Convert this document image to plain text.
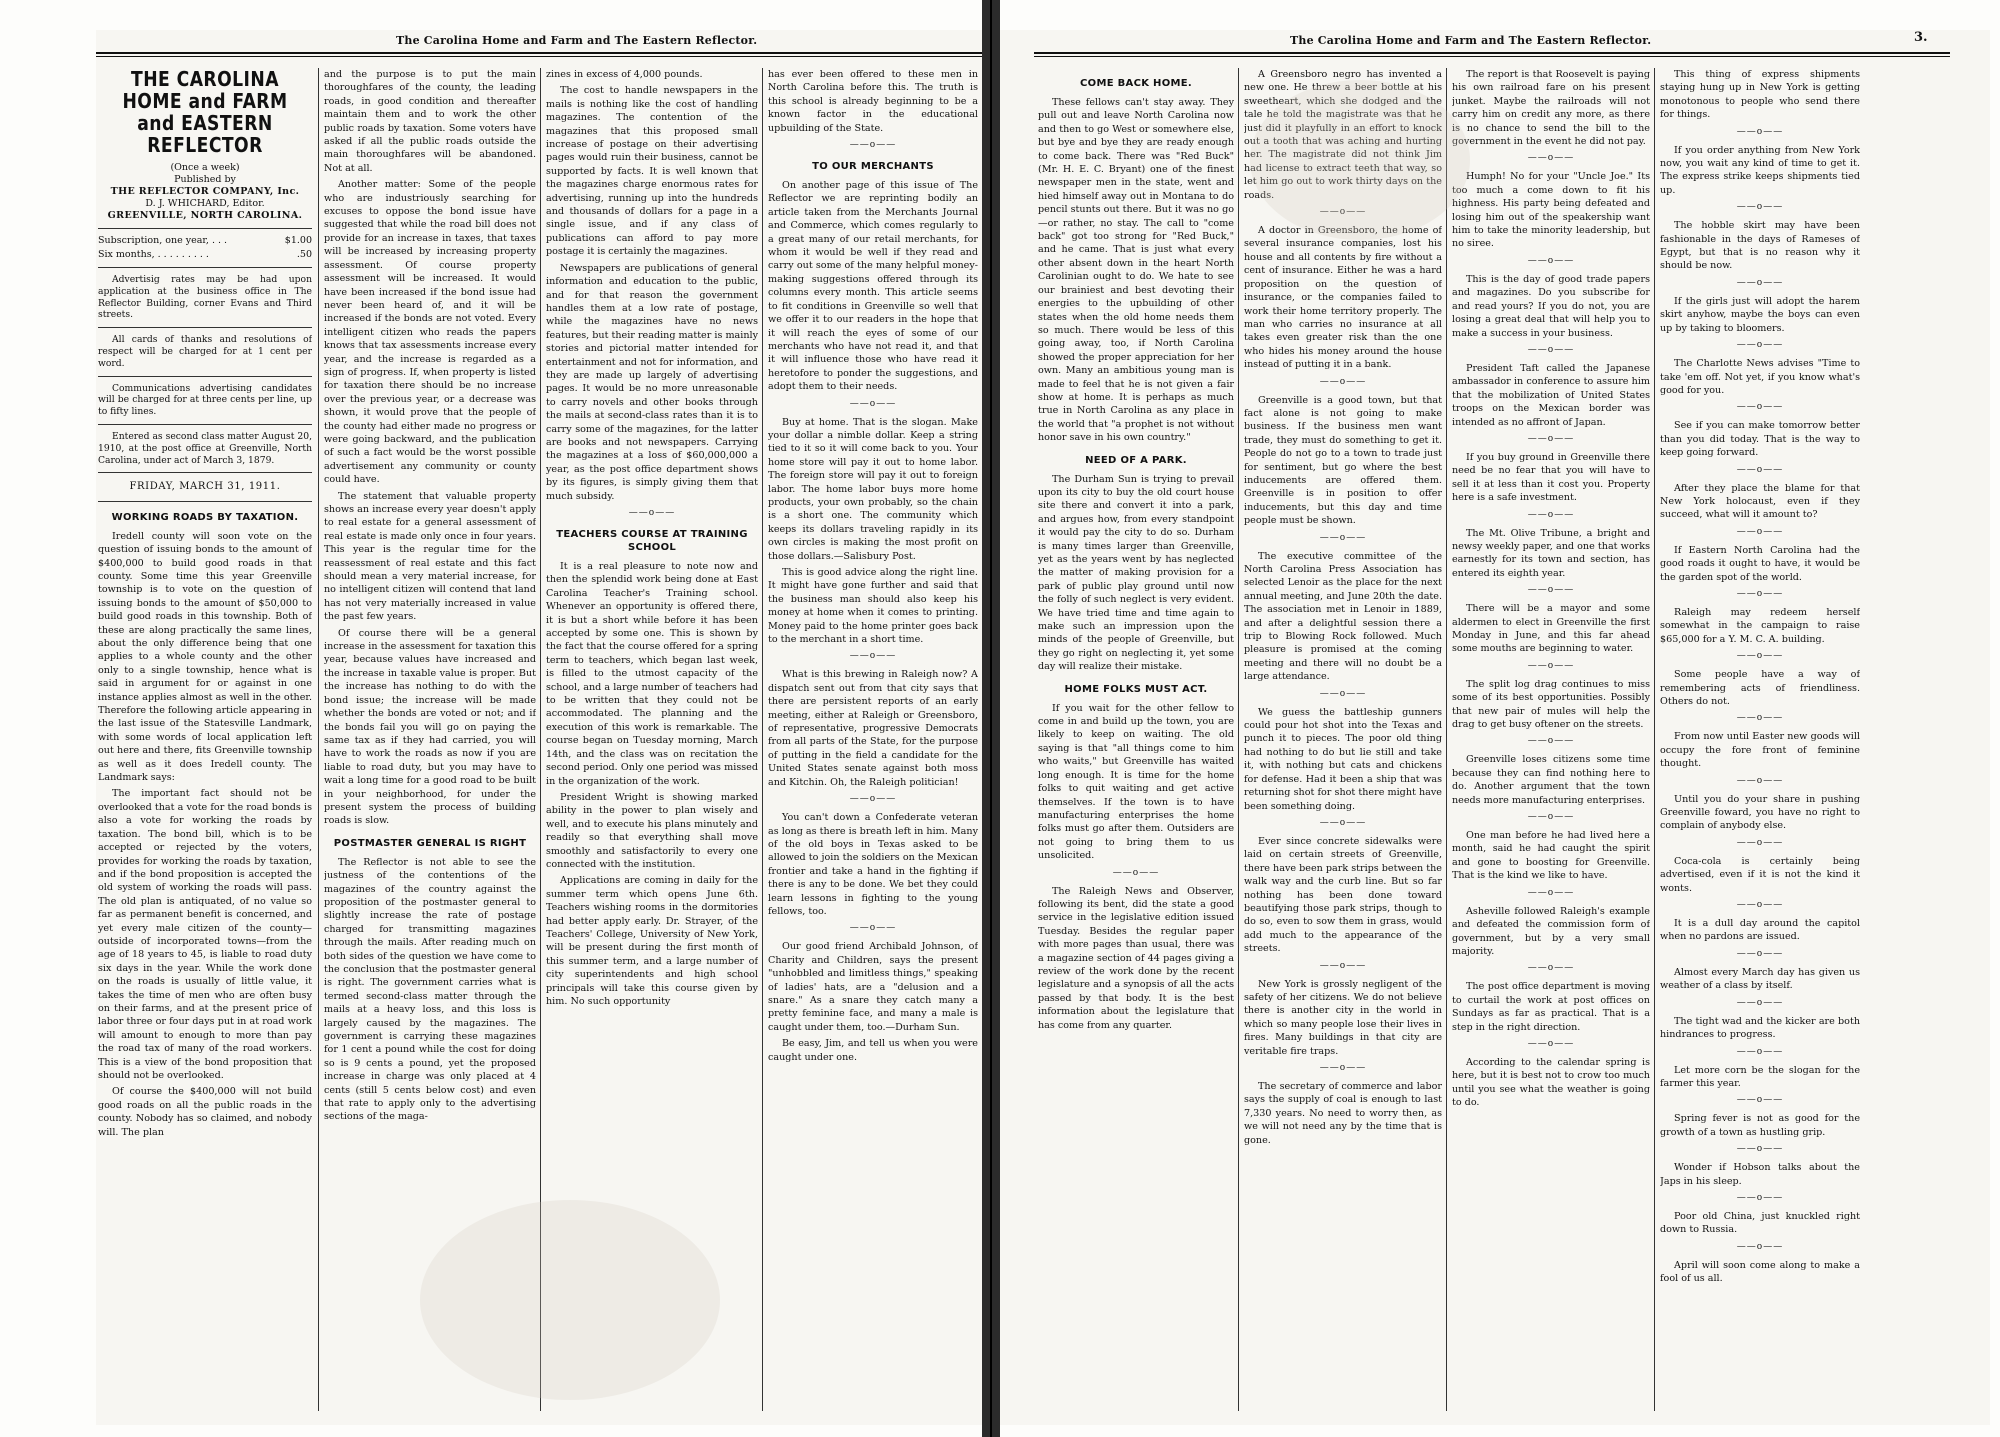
The Carolina Home and Farm and The Eastern Reflector.
THE CAROLINA HOME and FARM and EASTERN REFLECTOR
(Once a week)
Published by
THE REFLECTOR COMPANY, Inc.
D. J. WHICHARD, Editor.
GREENVILLE, NORTH CAROLINA.
Subscription, one year, . . .	$1.00
Six months, . . . . . . . . .	.50

Advertisig rates may be had upon application at the business office in The Reflector Building, corner Evans and Third streets.

All cards of thanks and resolutions of respect will be charged for at 1 cent per word.

Communications advertising candidates will be charged for at three cents per line, up to fifty lines.

Entered as second class matter August 20, 1910, at the post office at Greenville, North Carolina, under act of March 3, 1879.

FRIDAY, MARCH 31, 1911.
WORKING ROADS BY TAXATION.

Iredell county will soon vote on the question of issuing bonds to the amount of $400,000 to build good roads in that county. Some time this year Greenville township is to vote on the question of issuing bonds to the amount of $50,000 to build good roads in this township. Both of these are along practically the same lines, about the only difference being that one applies to a whole county and the other only to a single township, hence what is said in argument for or against in one instance applies almost as well in the other. Therefore the following article appearing in the last issue of the Statesville Landmark, with some words of local application left out here and there, fits Greenville township as well as it does Iredell county. The Landmark says:

The important fact should not be overlooked that a vote for the road bonds is also a vote for working the roads by taxation. The bond bill, which is to be accepted or rejected by the voters, provides for working the roads by taxation, and if the bond proposition is accepted the old system of working the roads will pass. The old plan is antiquated, of no value so far as permanent benefit is concerned, and yet every male citizen of the county—outside of incorporated towns—from the age of 18 years to 45, is liable to road duty six days in the year. While the work done on the roads is usually of little value, it takes the time of men who are often busy on their farms, and at the present price of labor three or four days put in at road work will amount to enough to more than pay the road tax of many of the road workers. This is a view of the bond proposition that should not be overlooked.

Of course the $400,000 will not build good roads on all the public roads in the county. Nobody has so claimed, and nobody will. The plan

and the purpose is to put the main thoroughfares of the county, the leading roads, in good condition and thereafter maintain them and to work the other public roads by taxation. Some voters have asked if all the public roads outside the main thoroughfares will be abandoned. Not at all.

Another matter: Some of the people who are industriously searching for excuses to oppose the bond issue have suggested that while the road bill does not provide for an increase in taxes, that taxes will be increased by increasing property assessment. Of course property assessment will be increased. It would have been increased if the bond issue had never been heard of, and it will be increased if the bonds are not voted. Every intelligent citizen who reads the papers knows that tax assessments increase every year, and the increase is regarded as a sign of progress. If, when property is listed for taxation there should be no increase over the previous year, or a decrease was shown, it would prove that the people of the county had either made no progress or were going backward, and the publication of such a fact would be the worst possible advertisement any community or county could have.

The statement that valuable property shows an increase every year doesn't apply to real estate for a general assessment of real estate is made only once in four years. This year is the regular time for the reassessment of real estate and this fact should mean a very material increase, for no intelligent citizen will contend that land has not very materially increased in value the past few years.

Of course there will be a general increase in the assessment for taxation this year, because values have increased and the increase in taxable value is proper. But the increase has nothing to do with the bond issue; the increase will be made whether the bonds are voted or not; and if the bonds fail you will go on paying the same tax as if they had carried, you will have to work the roads as now if you are liable to road duty, but you may have to wait a long time for a good road to be built in your neighborhood, for under the present system the process of building roads is slow.

POSTMASTER GENERAL IS RIGHT

The Reflector is not able to see the justness of the contentions of the magazines of the country against the proposition of the postmaster general to slightly increase the rate of postage charged for transmitting magazines through the mails. After reading much on both sides of the question we have come to the conclusion that the postmaster general is right. The government carries what is termed second-class matter through the mails at a heavy loss, and this loss is largely caused by the magazines. The government is carrying these magazines for 1 cent a pound while the cost for doing so is 9 cents a pound, yet the proposed increase in charge was only placed at 4 cents (still 5 cents below cost) and even that rate to apply only to the advertising sections of the maga-

zines in excess of 4,000 pounds.

The cost to handle newspapers in the mails is nothing like the cost of handling magazines. The contention of the magazines that this proposed small increase of postage on their advertising pages would ruin their business, cannot be supported by facts. It is well known that the magazines charge enormous rates for advertising, running up into the hundreds and thousands of dollars for a page in a single issue, and if any class of publications can afford to pay more postage it is certainly the magazines.

Newspapers are publications of general information and education to the public, and for that reason the government handles them at a low rate of postage, while the magazines have no news features, but their reading matter is mainly stories and pictorial matter intended for entertainment and not for information, and they are made up largely of advertising pages. It would be no more unreasonable to carry novels and other books through the mails at second-class rates than it is to carry some of the magazines, for the latter are books and not newspapers. Carrying the magazines at a loss of $60,000,000 a year, as the post office department shows by its figures, is simply giving them that much subsidy.

——o——
TEACHERS COURSE AT TRAINING SCHOOL

It is a real pleasure to note now and then the splendid work being done at East Carolina Teacher's Training school. Whenever an opportunity is offered there, it is but a short while before it has been accepted by some one. This is shown by the fact that the course offered for a spring term to teachers, which began last week, is filled to the utmost capacity of the school, and a large number of teachers had to be written that they could not be accommodated. The planning and the execution of this work is remarkable. The course began on Tuesday morning, March 14th, and the class was on recitation the second period. Only one period was missed in the organization of the work.

President Wright is showing marked ability in the power to plan wisely and well, and to execute his plans minutely and readily so that everything shall move smoothly and satisfactorily to every one connected with the institution.

Applications are coming in daily for the summer term which opens June 6th. Teachers wishing rooms in the dormitories had better apply early. Dr. Strayer, of the Teachers' College, University of New York, will be present during the first month of this summer term, and a large number of city superintendents and high school principals will take this course given by him. No such opportunity

has ever been offered to these men in North Carolina before this. The truth is this school is already beginning to be a known factor in the educational upbuilding of the State.

——o——
TO OUR MERCHANTS

On another page of this issue of The Reflector we are reprinting bodily an article taken from the Merchants Journal and Commerce, which comes regularly to a great many of our retail merchants, for whom it would be well if they read and carry out some of the many helpful money-making suggestions offered through its columns every month. This article seems to fit conditions in Greenville so well that we offer it to our readers in the hope that it will reach the eyes of some of our merchants who have not read it, and that it will influence those who have read it heretofore to ponder the suggestions, and adopt them to their needs.

——o——

Buy at home. That is the slogan. Make your dollar a nimble dollar. Keep a string tied to it so it will come back to you. Your home store will pay it out to home labor. The foreign store will pay it out to foreign labor. The home labor buys more home products, your own probably, so the chain is a short one. The community which keeps its dollars traveling rapidly in its own circles is making the most profit on those dollars.—Salisbury Post.

This is good advice along the right line. It might have gone further and said that the business man should also keep his money at home when it comes to printing. Money paid to the home printer goes back to the merchant in a short time.

——o——

What is this brewing in Raleigh now? A dispatch sent out from that city says that there are persistent reports of an early meeting, either at Raleigh or Greensboro, of representative, progressive Democrats from all parts of the State, for the purpose of putting in the field a candidate for the United States senate against both moss and Kitchin. Oh, the Raleigh politician!

——o——

You can't down a Confederate veteran as long as there is breath left in him. Many of the old boys in Texas asked to be allowed to join the soldiers on the Mexican frontier and take a hand in the fighting if there is any to be done. We bet they could learn lessons in fighting to the young fellows, too.

——o——

Our good friend Archibald Johnson, of Charity and Children, says the present "unhobbled and limitless things," speaking of ladies' hats, are a "delusion and a snare." As a snare they catch many a pretty feminine face, and many a male is caught under them, too.—Durham Sun.

Be easy, Jim, and tell us when you were caught under one.

The Carolina Home and Farm and The Eastern Reflector.	3.
COME BACK HOME.

These fellows can't stay away. They pull out and leave North Carolina now and then to go West or somewhere else, but bye and bye they are ready enough to come back. There was "Red Buck" (Mr. H. E. C. Bryant) one of the finest newspaper men in the state, went and hied himself away out in Montana to do pencil stunts out there. But it was no go—or rather, no stay. The call to "come back" got too strong for "Red Buck," and he came. That is just what every other absent down in the heart North Carolinian ought to do. We hate to see our brainiest and best devoting their energies to the upbuilding of other states when the old home needs them so much. There would be less of this going away, too, if North Carolina showed the proper appreciation for her own. Many an ambitious young man is made to feel that he is not given a fair show at home. It is perhaps as much true in North Carolina as any place in the world that "a prophet is not without honor save in his own country."

NEED OF A PARK.

The Durham Sun is trying to prevail upon its city to buy the old court house site there and convert it into a park, and argues how, from every standpoint it would pay the city to do so. Durham is many times larger than Greenville, yet as the years went by has neglected the matter of making provision for a park of public play ground until now the folly of such neglect is very evident. We have tried time and time again to make such an impression upon the minds of the people of Greenville, but they go right on neglecting it, yet some day will realize their mistake.

HOME FOLKS MUST ACT.

If you wait for the other fellow to come in and build up the town, you are likely to keep on waiting. The old saying is that "all things come to him who waits," but Greenville has waited long enough. It is time for the home folks to quit waiting and get active themselves. If the town is to have manufacturing enterprises the home folks must go after them. Outsiders are not going to bring them to us unsolicited.

——o——

The Raleigh News and Observer, following its bent, did the state a good service in the legislative edition issued Tuesday. Besides the regular paper with more pages than usual, there was a magazine section of 44 pages giving a review of the work done by the recent legislature and a synopsis of all the acts passed by that body. It is the best information about the legislature that has come from any quarter.

A Greensboro negro has invented a new one. He threw a beer bottle at his sweetheart, which she dodged and the tale he told the magistrate was that he just did it playfully in an effort to knock out a tooth that was aching and hurting her. The magistrate did not think Jim had license to extract teeth that way, so let him go out to work thirty days on the roads.

——o——

A doctor in Greensboro, the home of several insurance companies, lost his house and all contents by fire without a cent of insurance. Either he was a hard proposition on the question of insurance, or the companies failed to work their home territory properly. The man who carries no insurance at all takes even greater risk than the one who hides his money around the house instead of putting it in a bank.

——o——

Greenville is a good town, but that fact alone is not going to make business. If the business men want trade, they must do something to get it. People do not go to a town to trade just for sentiment, but go where the best inducements are offered them. Greenville is in position to offer inducements, but this day and time people must be shown.

——o——

The executive committee of the North Carolina Press Association has selected Lenoir as the place for the next annual meeting, and June 20th the date. The association met in Lenoir in 1889, and after a delightful session there a trip to Blowing Rock followed. Much pleasure is promised at the coming meeting and there will no doubt be a large attendance.

——o——

We guess the battleship gunners could pour hot shot into the Texas and punch it to pieces. The poor old thing had nothing to do but lie still and take it, with nothing but cats and chickens for defense. Had it been a ship that was returning shot for shot there might have been something doing.

——o——

Ever since concrete sidewalks were laid on certain streets of Greenville, there have been park strips between the walk way and the curb line. But so far nothing has been done toward beautifying those park strips, though to do so, even to sow them in grass, would add much to the appearance of the streets.

——o——

New York is grossly negligent of the safety of her citizens. We do not believe there is another city in the world in which so many people lose their lives in fires. Many buildings in that city are veritable fire traps.

——o——

The secretary of commerce and labor says the supply of coal is enough to last 7,330 years. No need to worry then, as we will not need any by the time that is gone.

The report is that Roosevelt is paying his own railroad fare on his present junket. Maybe the railroads will not carry him on credit any more, as there is no chance to send the bill to the government in the event he did not pay.

——o——

Humph! No for your "Uncle Joe." Its too much a come down to fit his highness. His party being defeated and losing him out of the speakership want him to take the minority leadership, but no siree.

——o——

This is the day of good trade papers and magazines. Do you subscribe for and read yours? If you do not, you are losing a great deal that will help you to make a success in your business.

——o——

President Taft called the Japanese ambassador in conference to assure him that the mobilization of United States troops on the Mexican border was intended as no affront of Japan.

——o——

If you buy ground in Greenville there need be no fear that you will have to sell it at less than it cost you. Property here is a safe investment.

——o——

The Mt. Olive Tribune, a bright and newsy weekly paper, and one that works earnestly for its town and section, has entered its eighth year.

——o——

There will be a mayor and some aldermen to elect in Greenville the first Monday in June, and this far ahead some mouths are beginning to water.

——o——

The split log drag continues to miss some of its best opportunities. Possibly that new pair of mules will help the drag to get busy oftener on the streets.

——o——

Greenville loses citizens some time because they can find nothing here to do. Another argument that the town needs more manufacturing enterprises.

——o——

One man before he had lived here a month, said he had caught the spirit and gone to boosting for Greenville. That is the kind we like to have.

——o——

Asheville followed Raleigh's example and defeated the commission form of government, but by a very small majority.

——o——

The post office department is moving to curtail the work at post offices on Sundays as far as practical. That is a step in the right direction.

——o——

According to the calendar spring is here, but it is best not to crow too much until you see what the weather is going to do.

This thing of express shipments staying hung up in New York is getting monotonous to people who send there for things.

——o——

If you order anything from New York now, you wait any kind of time to get it. The express strike keeps shipments tied up.

——o——

The hobble skirt may have been fashionable in the days of Rameses of Egypt, but that is no reason why it should be now.

——o——

If the girls just will adopt the harem skirt anyhow, maybe the boys can even up by taking to bloomers.

——o——

The Charlotte News advises "Time to take 'em off. Not yet, if you know what's good for you.

——o——

See if you can make tomorrow better than you did today. That is the way to keep going forward.

——o——

After they place the blame for that New York holocaust, even if they succeed, what will it amount to?

——o——

If Eastern North Carolina had the good roads it ought to have, it would be the garden spot of the world.

——o——

Raleigh may redeem herself somewhat in the campaign to raise $65,000 for a Y. M. C. A. building.

——o——

Some people have a way of remembering acts of friendliness. Others do not.

——o——

From now until Easter new goods will occupy the fore front of feminine thought.

——o——

Until you do your share in pushing Greenville foward, you have no right to complain of anybody else.

——o——

Coca-cola is certainly being advertised, even if it is not the kind it wonts.

——o——

It is a dull day around the capitol when no pardons are issued.

——o——

Almost every March day has given us weather of a class by itself.

——o——

The tight wad and the kicker are both hindrances to progress.

——o——

Let more corn be the slogan for the farmer this year.

——o——

Spring fever is not as good for the growth of a town as hustling grip.

——o——

Wonder if Hobson talks about the Japs in his sleep.

——o——

Poor old China, just knuckled right down to Russia.

——o——

April will soon come along to make a fool of us all.
